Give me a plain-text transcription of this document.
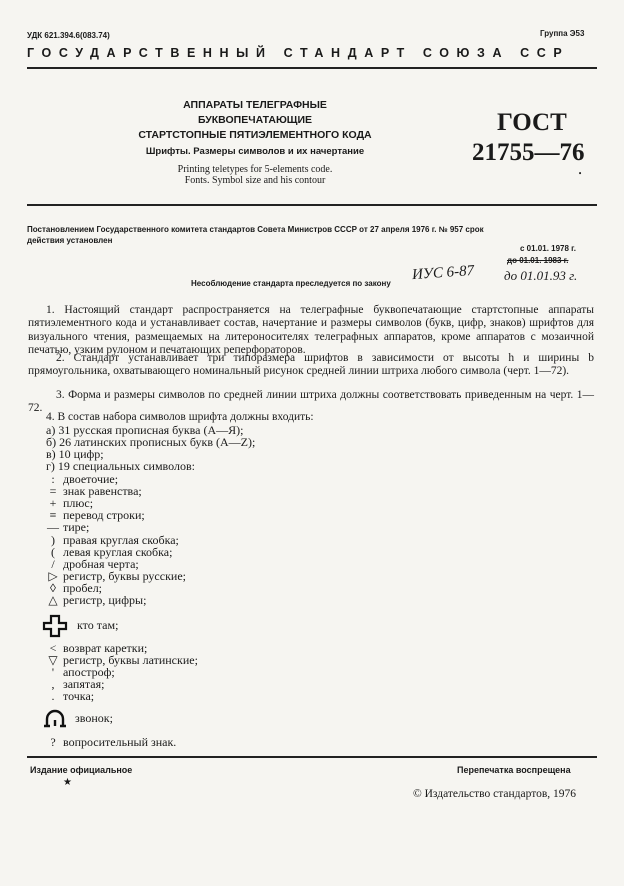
УДК 621.394.6(083.74)	Группа Э53
ГОСУДАРСТВЕННЫЙ СТАНДАРТ СОЮЗА ССР
АППАРАТЫ ТЕЛЕГРАФНЫЕ
БУКВОПЕЧАТАЮЩИЕ
СТАРТСТОПНЫЕ ПЯТИЭЛЕМЕНТНОГО КОДА
Шрифты. Размеры символов и их начертание
Printing teletypes for 5-elements code.
Fonts. Symbol size and his contour
ГОСТ
21755—76
•
Постановлением Государственного комитета стандартов Совета Министров СССР от 27 апреля 1976 г. № 957 срок
действия установлен
с 01.01. 1978 г.
до 01.01. 1983 г.
ИУС 6-87 до 01.01.93 г.
Несоблюдение стандарта преследуется по закону
1. Настоящий стандарт распространяется на телеграфные буквопечатающие стартстопные аппараты пятиэлементного кода и устанавливает состав, начертание и размеры символов (букв, цифр, знаков) шрифтов для визуального чтения, размещаемых на литероносителях телеграфных аппаратов, кроме аппаратов с мозаичной печатью, узким рулоном и печатающих реперфораторов.
2. Стандарт устанавливает три типоразмера шрифтов в зависимости от высоты h и ширины b прямоугольника, охватывающего номинальный рисунок средней линии штриха любого символа (черт. 1—72).
3. Форма и размеры символов по средней линии штриха должны соответствовать приведенным на черт. 1—72.
4. В состав набора символов шрифта должны входить:
а) 31 русская прописная буква (А—Я);
б) 26 латинских прописных букв (A—Z);
в) 10 цифр;
г) 19 специальных символов:
: двоеточие;
= знак равенства;
+ плюс;
≡ перевод строки;
— тире;
) правая круглая скобка;
( левая круглая скобка;
/ дробная черта;
▷ регистр, буквы русские;
◊ пробел;
△ регистр, цифры;
кто там;
< возврат каретки;
▽ регистр, буквы латинские;
' апостроф;
, запятая;
. точка;
звонок;
? вопросительный знак.
Издание официальное
★
Перепечатка воспрещена
© Издательство стандартов, 1976
